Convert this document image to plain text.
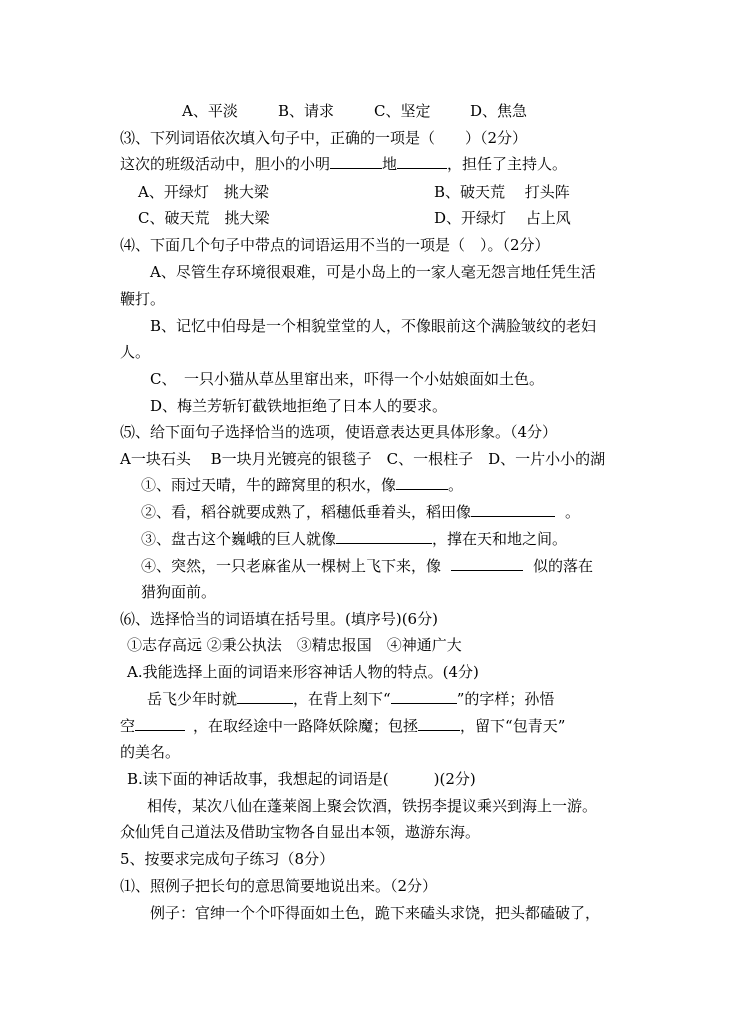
A、平淡	B、请求	C、坚定	D、焦急
⑶、下列词语依次填入句子中，正确的一项是（　　）（2分）
这次的班级活动中，胆小的小明	地	，担任了主持人。
A、开绿灯　挑大梁	B、破天荒　 打头阵
C、破天荒　挑大梁	D、开绿灯　 占上风
⑷、下面几个句子中带点的词语运用不当的一项是（　）。（2分）
A、尽管生存环境很艰难，可是小岛上的一家人毫无怨言地任凭生活
鞭打。
B、记忆中伯母是一个相貌堂堂的人，不像眼前这个满脸皱纹的老妇
人。
C、　一只小猫从草丛里窜出来，吓得一个小姑娘面如土色。
D、梅兰芳斩钉截铁地拒绝了日本人的要求。
⑸、给下面句子选择恰当的选项，使语意表达更具体形象。（4分）
A一块石头　 B一块月光镀亮的银毯子　C、一根柱子　D、一片小小的湖
①、雨过天晴，牛的蹄窝里的积水，像	。
②、看，稻谷就要成熟了，稻穗低垂着头，稻田像	。
③、盘古这个巍峨的巨人就像	，撑在天和地之间。
④、突然，一只老麻雀从一棵树上飞下来，像	似的落在
猎狗面前。
⑹、选择恰当的词语填在括号里。(填序号)(6分)
①志存高远 ②秉公执法　③精忠报国　④神通广大
A.我能选择上面的词语来形容神话人物的特点。(4分)
岳飞少年时就	，在背上刻下“	”的字样；孙悟
空	，在取经途中一路降妖除魔；包拯	，留下“包青天”
的美名。
B.读下面的神话故事，我想起的词语是(　　　)(2分)
相传，某次八仙在蓬莱阁上聚会饮酒，铁拐李提议乘兴到海上一游。
众仙凭自己道法及借助宝物各自显出本领，遨游东海。
5、按要求完成句子练习（8分）
⑴、照例子把长句的意思简要地说出来。（2分）
例子：官绅一个个吓得面如土色，跪下来磕头求饶，把头都磕破了，
